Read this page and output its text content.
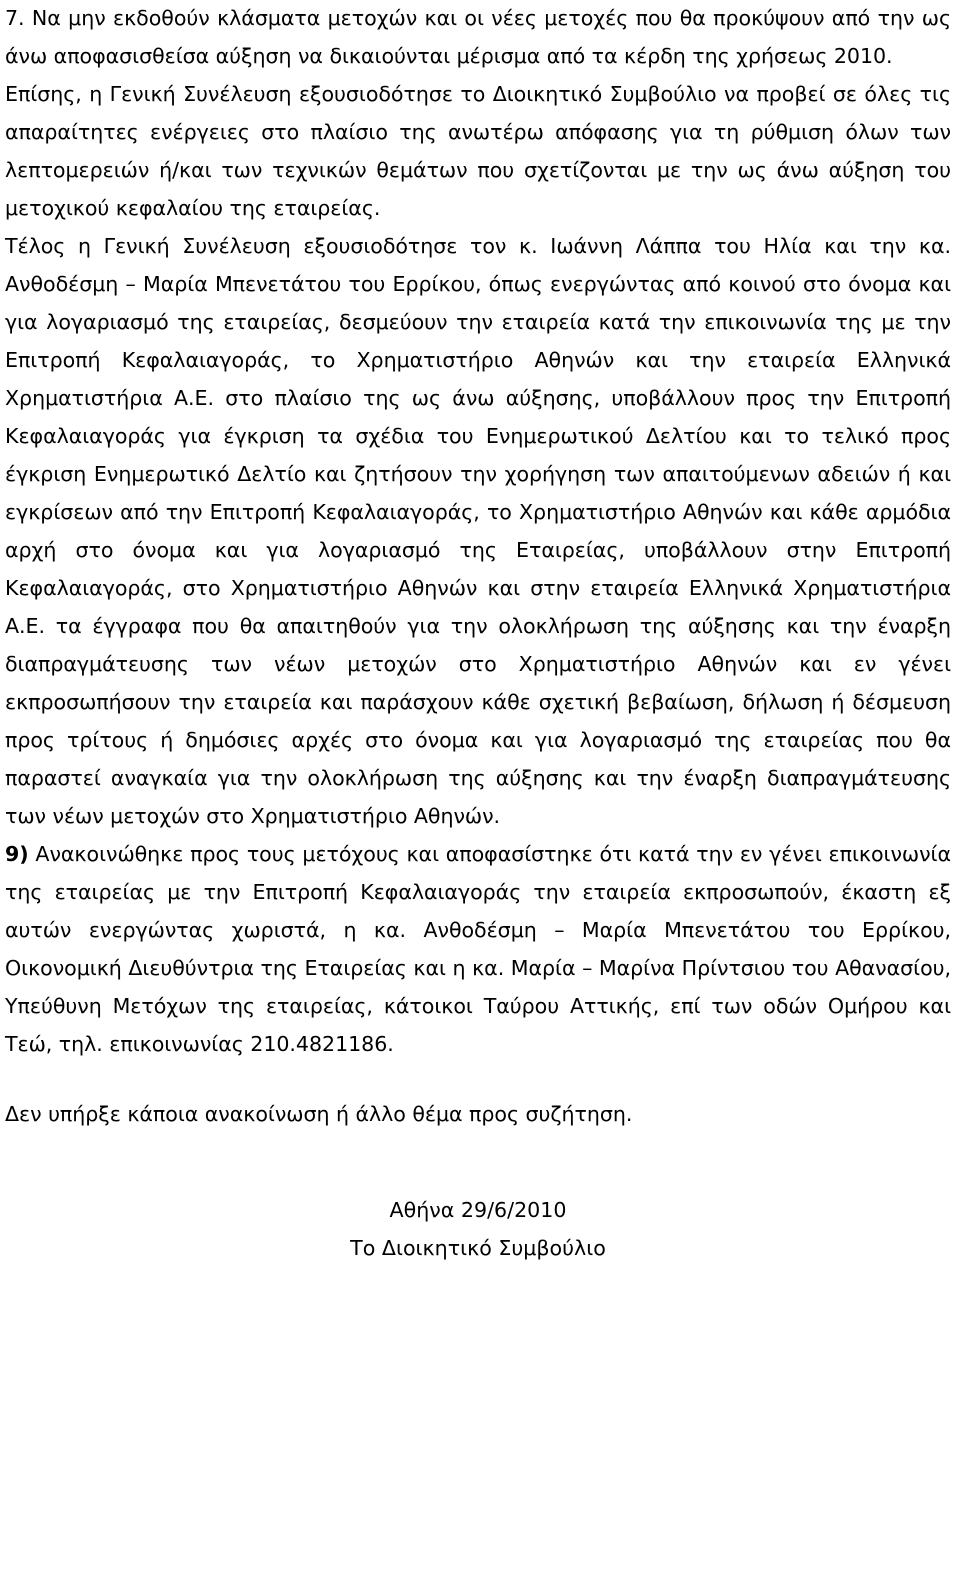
7. Να μην εκδοθούν κλάσματα μετοχών και οι νέες μετοχές που θα προκύψουν από την ως άνω αποφασισθείσα αύξηση να δικαιούνται μέρισμα από τα κέρδη της χρήσεως 2010.

Επίσης, η Γενική Συνέλευση εξουσιοδότησε το Διοικητικό Συμβούλιο να προβεί σε όλες τις απαραίτητες ενέργειες στο πλαίσιο της ανωτέρω απόφασης για τη ρύθμιση όλων των λεπτομερειών ή/και των τεχνικών θεμάτων που σχετίζονται με την ως άνω αύξηση του μετοχικού κεφαλαίου της εταιρείας.

Τέλος η Γενική Συνέλευση εξουσιοδότησε τον κ. Ιωάννη Λάππα του Ηλία και την κα. Ανθοδέσμη – Μαρία Μπενετάτου του Ερρίκου, όπως ενεργώντας από κοινού στο όνομα και για λογαριασμό της εταιρείας, δεσμεύουν την εταιρεία κατά την επικοινωνία της με την Επιτροπή Κεφαλαιαγοράς, το Χρηματιστήριο Αθηνών και την εταιρεία Ελληνικά Χρηματιστήρια Α.Ε. στο πλαίσιο της ως άνω αύξησης, υποβάλλουν προς την Επιτροπή Κεφαλαιαγοράς για έγκριση τα σχέδια του Ενημερωτικού Δελτίου και το τελικό προς έγκριση Ενημερωτικό Δελτίο και ζητήσουν την χορήγηση των απαιτούμενων αδειών ή και εγκρίσεων από την Επιτροπή Κεφαλαιαγοράς, το Χρηματιστήριο Αθηνών και κάθε αρμόδια αρχή στο όνομα και για λογαριασμό της Εταιρείας, υποβάλλουν στην Επιτροπή Κεφαλαιαγοράς, στο Χρηματιστήριο Αθηνών και στην εταιρεία Ελληνικά Χρηματιστήρια Α.Ε. τα έγγραφα που θα απαιτηθούν για την ολοκλήρωση της αύξησης και την έναρξη διαπραγμάτευσης των νέων μετοχών στο Χρηματιστήριο Αθηνών και εν γένει εκπροσωπήσουν την εταιρεία και παράσχουν κάθε σχετική βεβαίωση, δήλωση ή δέσμευση προς τρίτους ή δημόσιες αρχές στο όνομα και για λογαριασμό της εταιρείας που θα παραστεί αναγκαία για την ολοκλήρωση της αύξησης και την έναρξη διαπραγμάτευσης των νέων μετοχών στο Χρηματιστήριο Αθηνών.

9) Ανακοινώθηκε προς τους μετόχους και αποφασίστηκε ότι κατά την εν γένει επικοινωνία της εταιρείας με την Επιτροπή Κεφαλαιαγοράς την εταιρεία εκπροσωπούν, έκαστη εξ αυτών ενεργώντας χωριστά, η κα. Ανθοδέσμη – Μαρία Μπενετάτου του Ερρίκου, Οικονομική Διευθύντρια της Εταιρείας και η κα. Μαρία – Μαρίνα Πρίντσιου του Αθανασίου, Υπεύθυνη Μετόχων της εταιρείας, κάτοικοι Ταύρου Αττικής, επί των οδών Ομήρου και Τεώ, τηλ. επικοινωνίας 210.4821186.

Δεν υπήρξε κάποια ανακοίνωση ή άλλο θέμα προς συζήτηση.

Αθήνα 29/6/2010

Το Διοικητικό Συμβούλιο
